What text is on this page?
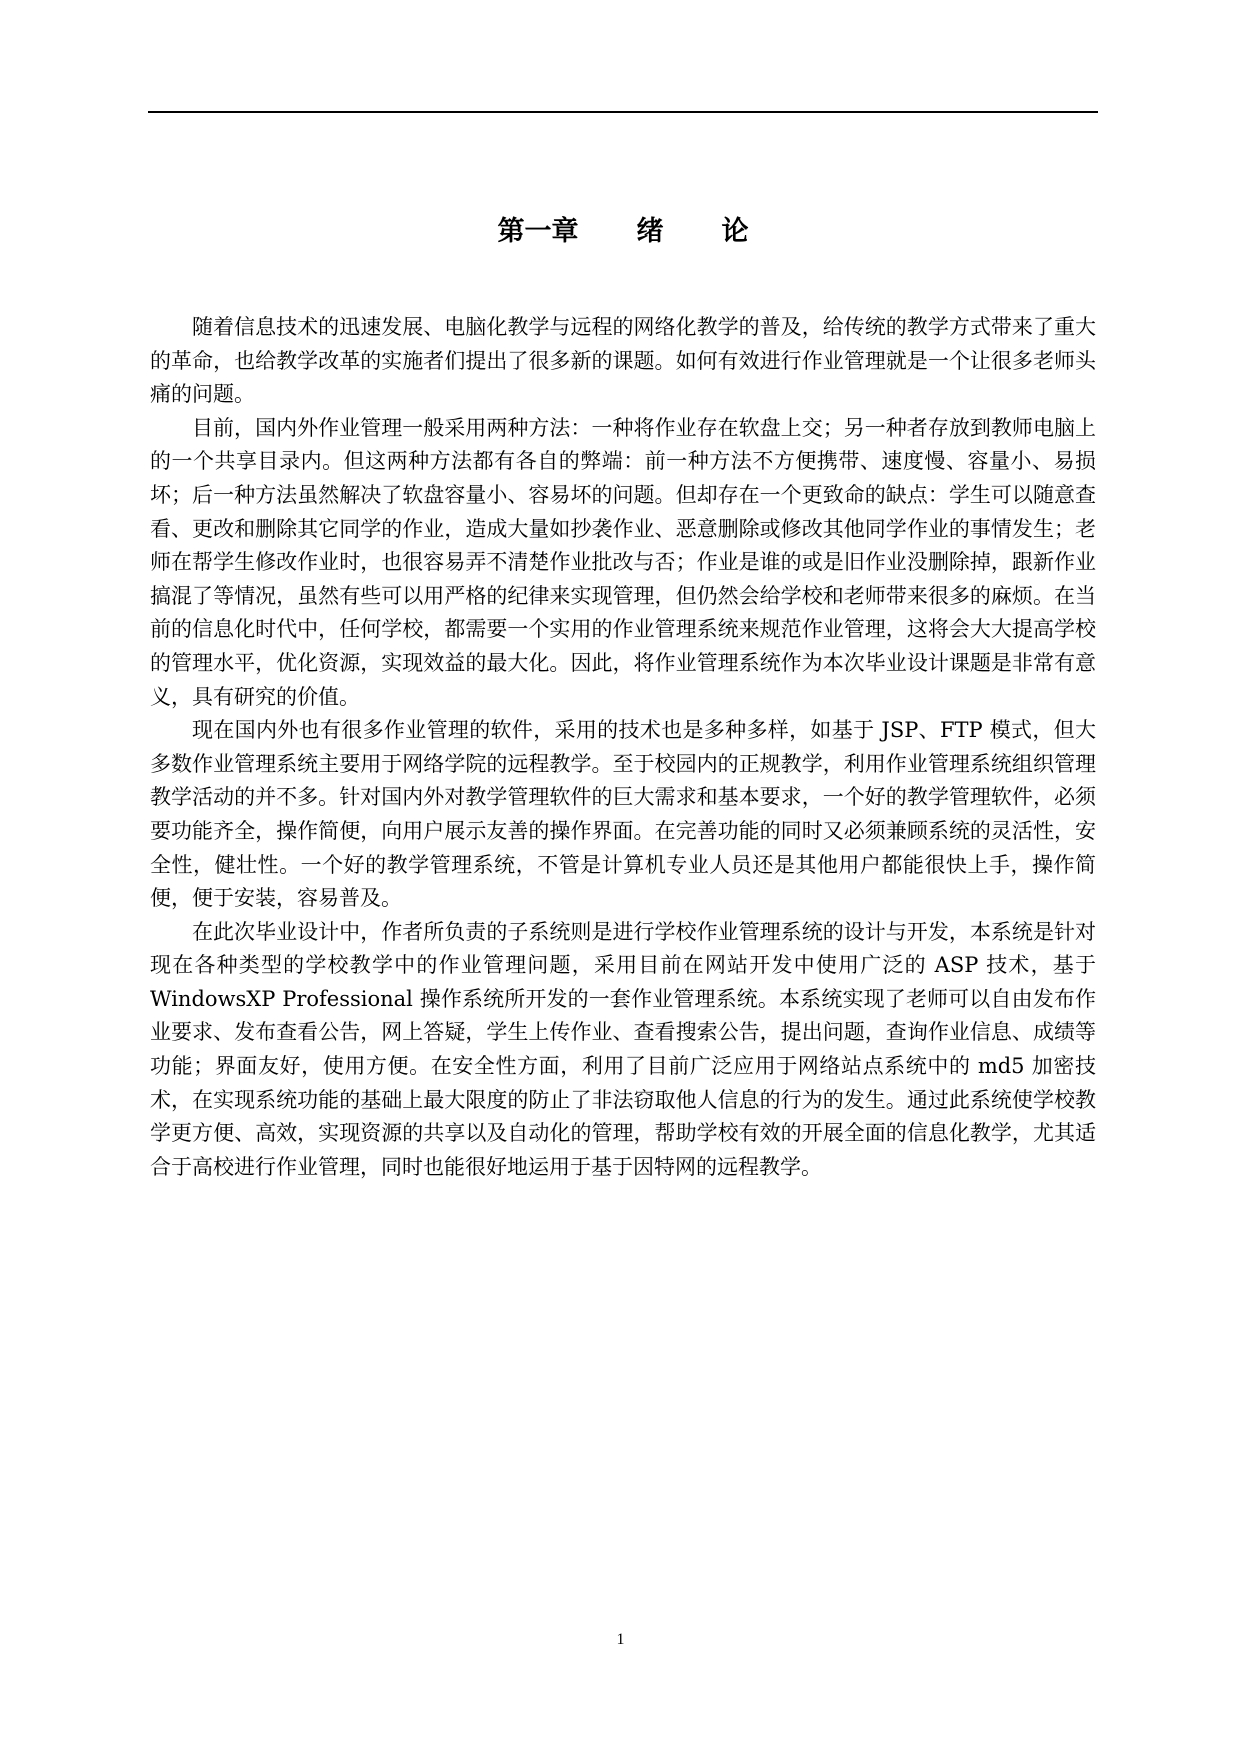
第一章 绪 论

随着信息技术的迅速发展、电脑化教学与远程的网络化教学的普及，给传统的教学方式带来了重大的革命，也给教学改革的实施者们提出了很多新的课题。如何有效进行作业管理就是一个让很多老师头痛的问题。

目前，国内外作业管理一般采用两种方法：一种将作业存在软盘上交；另一种者存放到教师电脑上的一个共享目录内。但这两种方法都有各自的弊端：前一种方法不方便携带、速度慢、容量小、易损坏；后一种方法虽然解决了软盘容量小、容易坏的问题。但却存在一个更致命的缺点：学生可以随意查看、更改和删除其它同学的作业，造成大量如抄袭作业、恶意删除或修改其他同学作业的事情发生；老师在帮学生修改作业时，也很容易弄不清楚作业批改与否；作业是谁的或是旧作业没删除掉，跟新作业搞混了等情况，虽然有些可以用严格的纪律来实现管理，但仍然会给学校和老师带来很多的麻烦。在当前的信息化时代中，任何学校，都需要一个实用的作业管理系统来规范作业管理，这将会大大提高学校的管理水平，优化资源，实现效益的最大化。因此，将作业管理系统作为本次毕业设计课题是非常有意义，具有研究的价值。

现在国内外也有很多作业管理的软件，采用的技术也是多种多样，如基于 JSP、FTP 模式，但大多数作业管理系统主要用于网络学院的远程教学。至于校园内的正规教学，利用作业管理系统组织管理教学活动的并不多。针对国内外对教学管理软件的巨大需求和基本要求，一个好的教学管理软件，必须要功能齐全，操作简便，向用户展示友善的操作界面。在完善功能的同时又必须兼顾系统的灵活性，安全性，健壮性。一个好的教学管理系统，不管是计算机专业人员还是其他用户都能很快上手，操作简便，便于安装，容易普及。

在此次毕业设计中，作者所负责的子系统则是进行学校作业管理系统的设计与开发，本系统是针对现在各种类型的学校教学中的作业管理问题，采用目前在网站开发中使用广泛的 ASP 技术，基于 WindowsXP Professional 操作系统所开发的一套作业管理系统。本系统实现了老师可以自由发布作业要求、发布查看公告，网上答疑，学生上传作业、查看搜索公告，提出问题，查询作业信息、成绩等功能；界面友好，使用方便。在安全性方面，利用了目前广泛应用于网络站点系统中的 md5 加密技术，在实现系统功能的基础上最大限度的防止了非法窃取他人信息的行为的发生。通过此系统使学校教学更方便、高效，实现资源的共享以及自动化的管理，帮助学校有效的开展全面的信息化教学，尤其适合于高校进行作业管理，同时也能很好地运用于基于因特网的远程教学。

1
